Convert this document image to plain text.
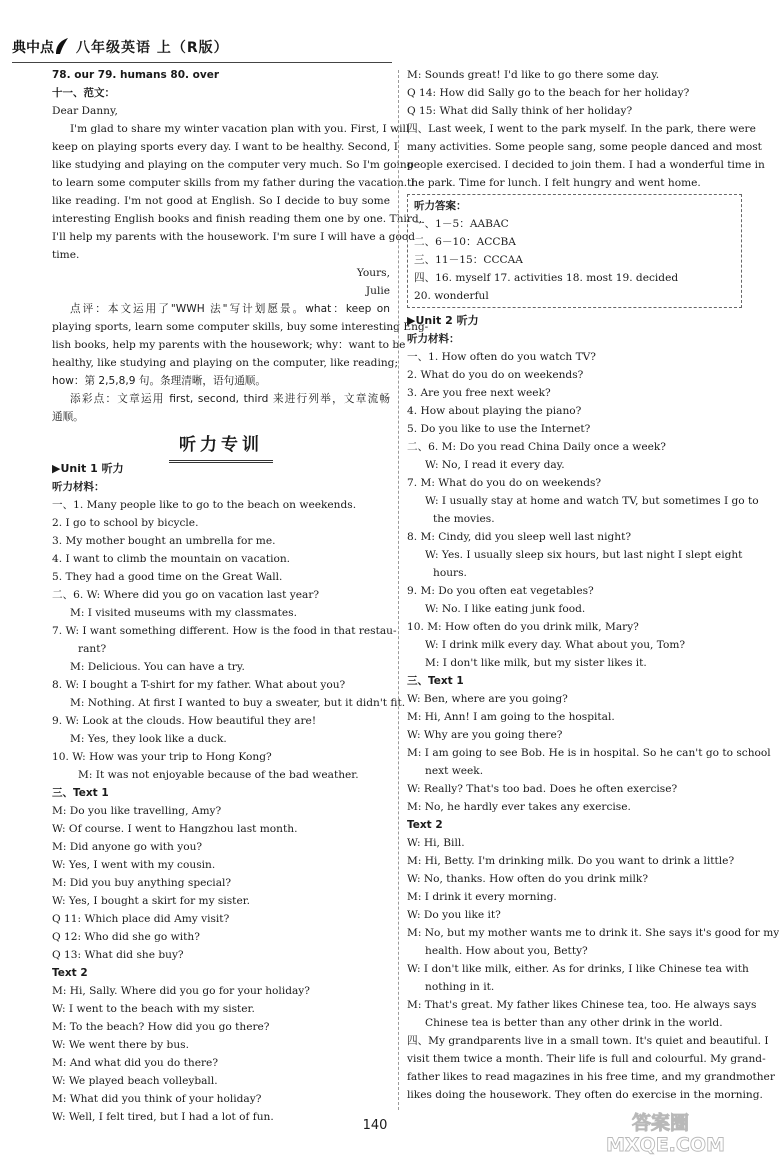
典中点 八年级英语 上（R版）
78. our 79. humans 80. over
十一、范文：
Dear Danny,
I'm glad to share my winter vacation plan with you. First, I will
keep on playing sports every day. I want to be healthy. Second, I
like studying and playing on the computer very much. So I'm going
to learn some computer skills from my father during the vacation. I
like reading. I'm not good at English. So I decide to buy some
interesting English books and finish reading them one by one. Third,
I'll help my parents with the housework. I'm sure I will have a good
time.
Yours,
Julie
点评：本文运用了"WWH 法"写计划愿景。what：keep on
playing sports, learn some computer skills, buy some interesting Eng-
lish books, help my parents with the housework; why：want to be
healthy, like studying and playing on the computer, like reading;
how：第 2,5,8,9 句。条理清晰，语句通顺。
添彩点：文章运用 first, second, third 来进行列举，文章流畅
通顺。
听力专训
▶Unit 1 听力
听力材料：
一、1. Many people like to go to the beach on weekends.
2. I go to school by bicycle.
3. My mother bought an umbrella for me.
4. I want to climb the mountain on vacation.
5. They had a good time on the Great Wall.
二、6. W: Where did you go on vacation last year?
M: I visited museums with my classmates.
7. W: I want something different. How is the food in that restau-
rant?
M: Delicious. You can have a try.
8. W: I bought a T-shirt for my father. What about you?
M: Nothing. At first I wanted to buy a sweater, but it didn't fit.
9. W: Look at the clouds. How beautiful they are!
M: Yes, they look like a duck.
10. W: How was your trip to Hong Kong?
M: It was not enjoyable because of the bad weather.
三、Text 1
M: Do you like travelling, Amy?
W: Of course. I went to Hangzhou last month.
M: Did anyone go with you?
W: Yes, I went with my cousin.
M: Did you buy anything special?
W: Yes, I bought a skirt for my sister.
Q 11: Which place did Amy visit?
Q 12: Who did she go with?
Q 13: What did she buy?
Text 2
M: Hi, Sally. Where did you go for your holiday?
W: I went to the beach with my sister.
M: To the beach? How did you go there?
W: We went there by bus.
M: And what did you do there?
W: We played beach volleyball.
M: What did you think of your holiday?
W: Well, I felt tired, but I had a lot of fun.
M: Sounds great! I'd like to go there some day.
Q 14: How did Sally go to the beach for her holiday?
Q 15: What did Sally think of her holiday?
四、Last week, I went to the park myself. In the park, there were
many activities. Some people sang, some people danced and most
people exercised. I decided to join them. I had a wonderful time in
the park. Time for lunch. I felt hungry and went home.
听力答案：
一、1－5：AABAC
二、6－10：ACCBA
三、11－15：CCCAA
四、16. myself 17. activities 18. most 19. decided
20. wonderful
▶Unit 2 听力
听力材料：
一、1. How often do you watch TV?
2. What do you do on weekends?
3. Are you free next week?
4. How about playing the piano?
5. Do you like to use the Internet?
二、6. M: Do you read China Daily once a week?
W: No, I read it every day.
7. M: What do you do on weekends?
W: I usually stay at home and watch TV, but sometimes I go to
the movies.
8. M: Cindy, did you sleep well last night?
W: Yes. I usually sleep six hours, but last night I slept eight
hours.
9. M: Do you often eat vegetables?
W: No. I like eating junk food.
10. M: How often do you drink milk, Mary?
W: I drink milk every day. What about you, Tom?
M: I don't like milk, but my sister likes it.
三、Text 1
W: Ben, where are you going?
M: Hi, Ann! I am going to the hospital.
W: Why are you going there?
M: I am going to see Bob. He is in hospital. So he can't go to school
next week.
W: Really? That's too bad. Does he often exercise?
M: No, he hardly ever takes any exercise.
Text 2
W: Hi, Bill.
M: Hi, Betty. I'm drinking milk. Do you want to drink a little?
W: No, thanks. How often do you drink milk?
M: I drink it every morning.
W: Do you like it?
M: No, but my mother wants me to drink it. She says it's good for my
health. How about you, Betty?
W: I don't like milk, either. As for drinks, I like Chinese tea with
nothing in it.
M: That's great. My father likes Chinese tea, too. He always says
Chinese tea is better than any other drink in the world.
四、My grandparents live in a small town. It's quiet and beautiful. I
visit them twice a month. Their life is full and colourful. My grand-
father likes to read magazines in his free time, and my grandmother
likes doing the housework. They often do exercise in the morning.
140	答案圈
MXQE.COM
